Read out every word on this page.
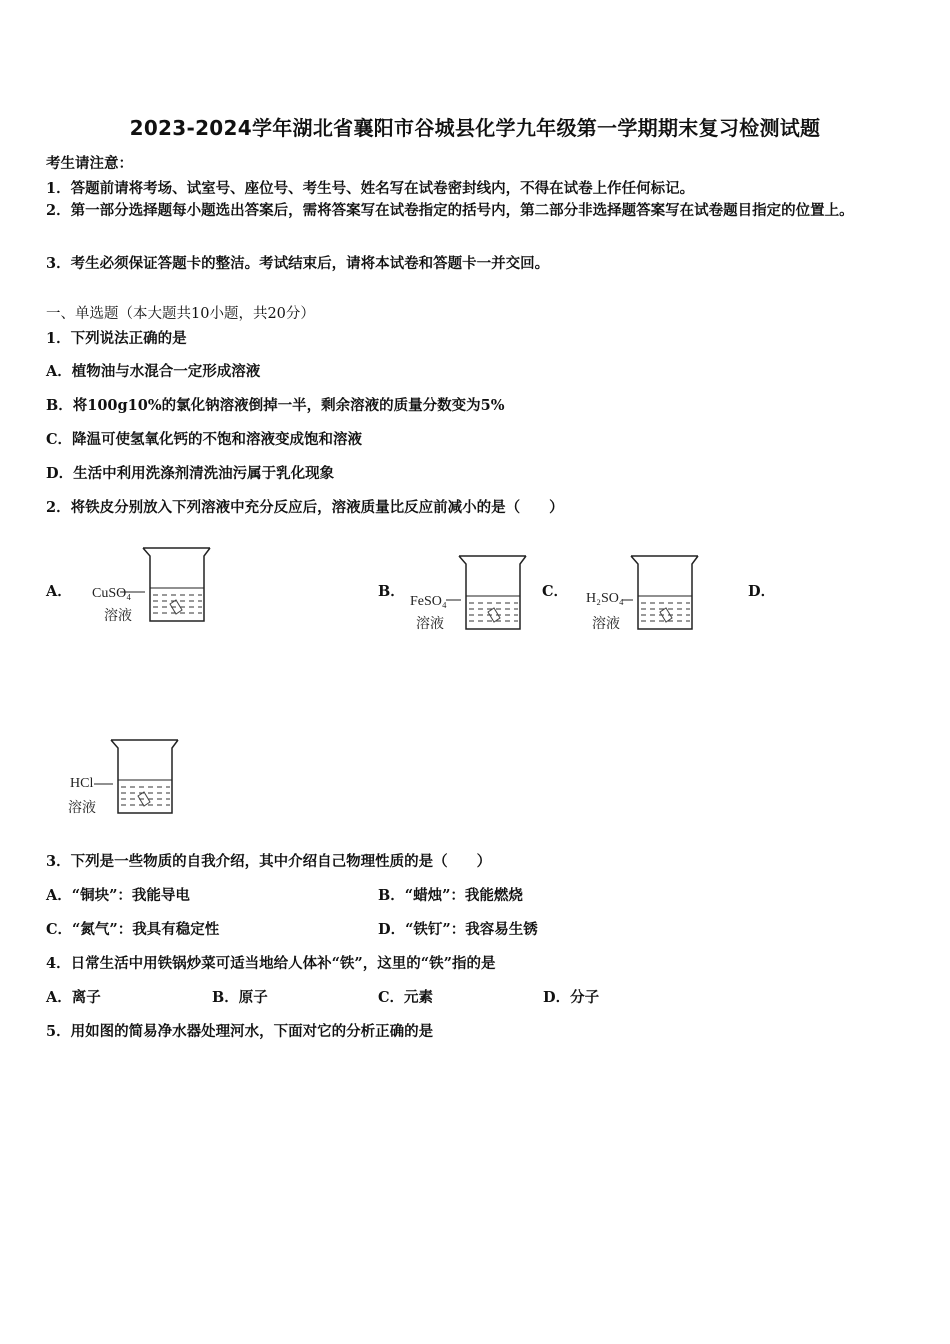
2023-2024学年湖北省襄阳市谷城县化学九年级第一学期期末复习检测试题
考生请注意：
1．答题前请将考场、试室号、座位号、考生号、姓名写在试卷密封线内，不得在试卷上作任何标记。
2．第一部分选择题每小题选出答案后，需将答案写在试卷指定的括号内，第二部分非选择题答案写在试卷题目指定的位置上。
3．考生必须保证答题卡的整洁。考试结束后，请将本试卷和答题卡一并交回。
一、单选题（本大题共10小题，共20分）
1．下列说法正确的是
A．植物油与水混合一定形成溶液
B．将100g10%的氯化钠溶液倒掉一半，剩余溶液的质量分数变为5%
C．降温可使氢氧化钙的不饱和溶液变成饱和溶液
D．生活中利用洗涤剂清洗油污属于乳化现象
2．将铁皮分别放入下列溶液中充分反应后，溶液质量比反应前减小的是（　　）
A． CuSO₄
溶液
B．
FeSO₄
溶液
C． H₂SO₄
溶液
D．
HCl
溶液
3．下列是一些物质的自我介绍，其中介绍自己物理性质的是（　　）
A．“铜块”：我能导电	B．“蜡烛”：我能燃烧
C．“氮气”：我具有稳定性	D．“铁钉”：我容易生锈
4．日常生活中用铁锅炒菜可适当地给人体补“铁”，这里的“铁”指的是
A．离子	B．原子	C．元素	D．分子
5．用如图的简易净水器处理河水，下面对它的分析正确的是
